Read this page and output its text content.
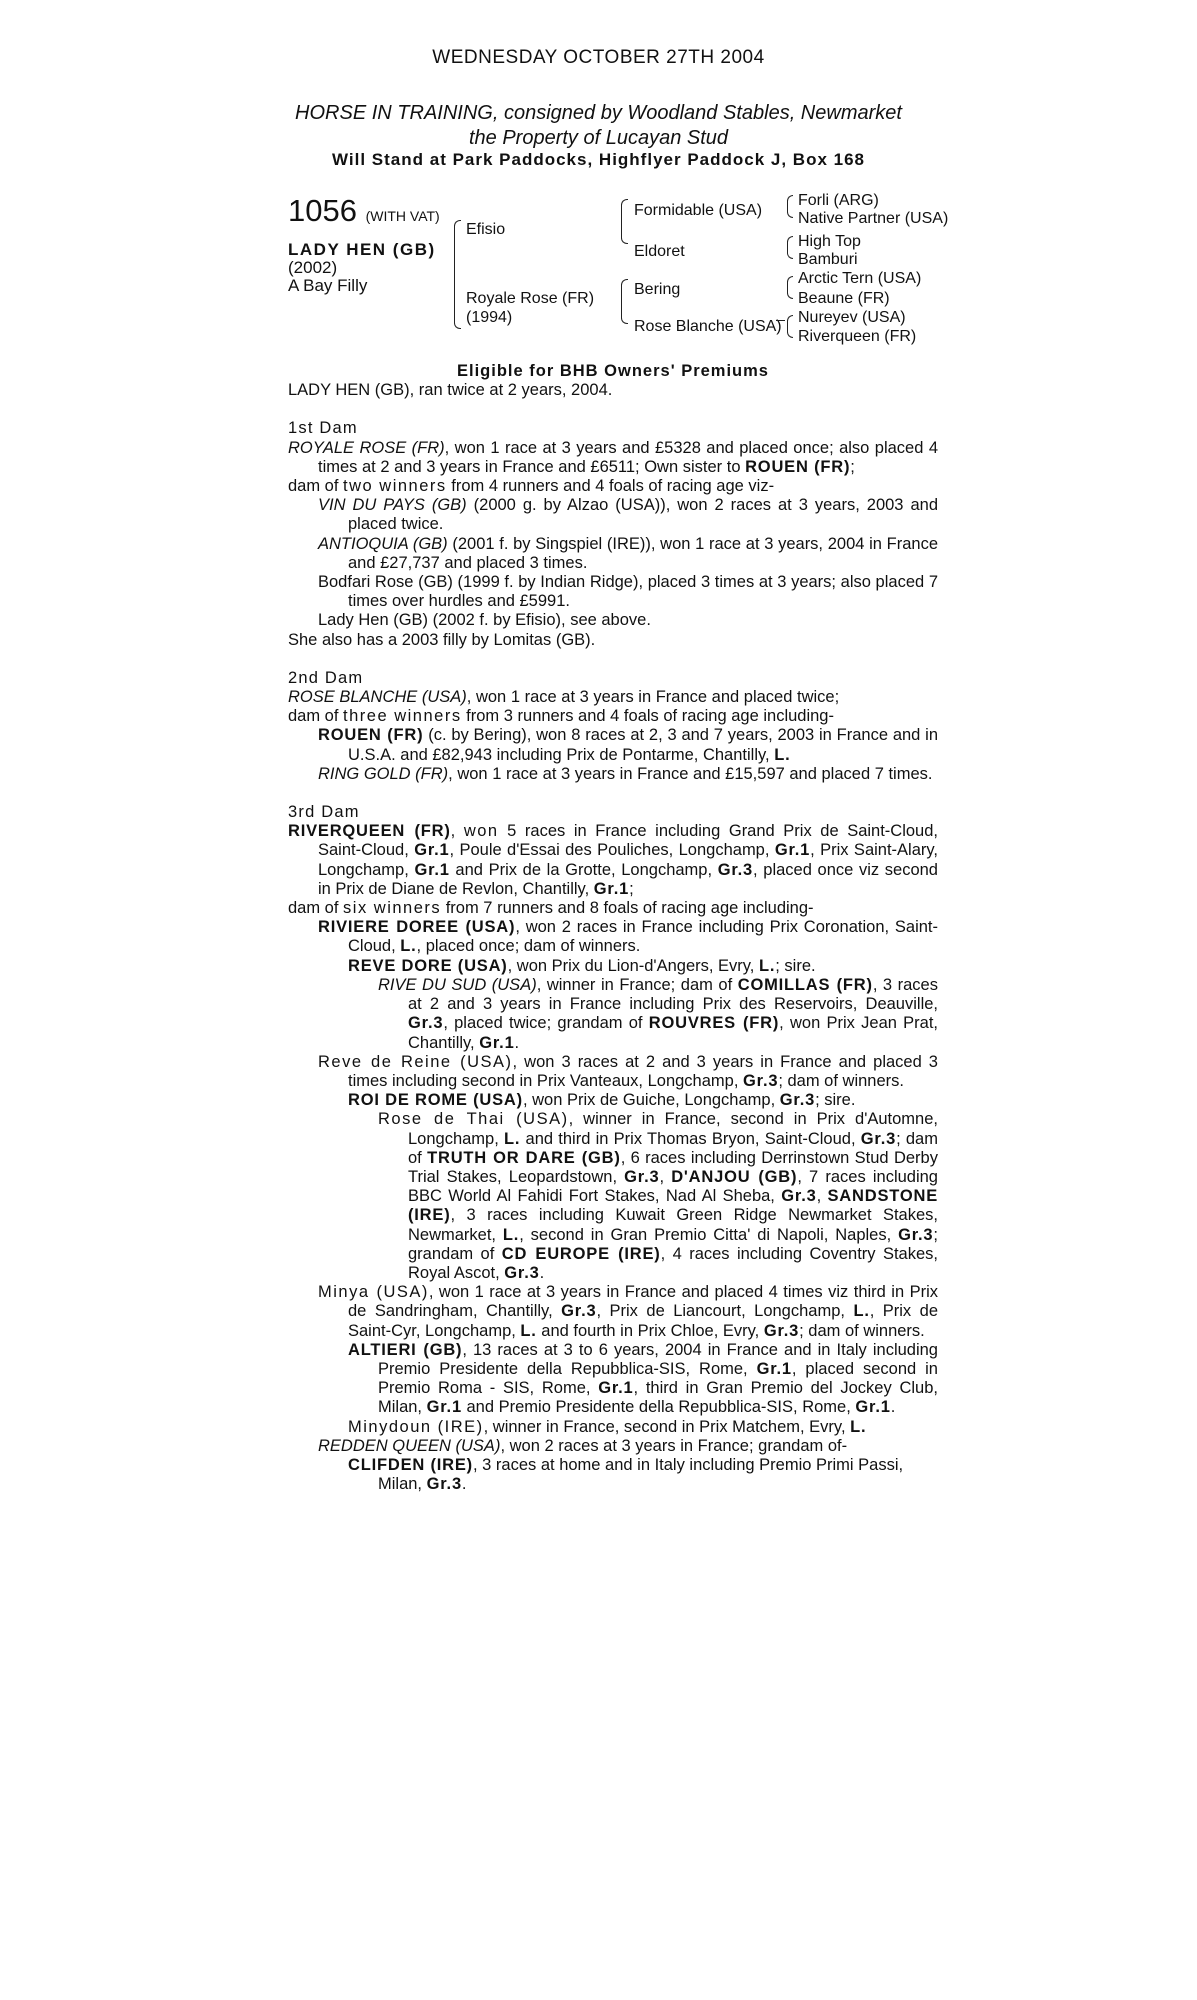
WEDNESDAY OCTOBER 27TH 2004
HORSE IN TRAINING, consigned by Woodland Stables, Newmarket
the Property of Lucayan Stud
Will Stand at Park Paddocks, Highflyer Paddock J, Box 168
1056 (WITH VAT)
LADY HEN (GB)
(2002)
A Bay Filly
Efisio
Royale Rose (FR)
(1994)
Formidable (USA)
Eldoret
Bering
Rose Blanche (USA)
Forli (ARG)
Native Partner (USA)
High Top
Bamburi
Arctic Tern (USA)
Beaune (FR)
Nureyev (USA)
Riverqueen (FR)
Eligible for BHB Owners' Premiums

LADY HEN (GB), ran twice at 2 years, 2004.

1st Dam

ROYALE ROSE (FR), won 1 race at 3 years and £5328 and placed once; also placed 4 times at 2 and 3 years in France and £6511; Own sister to ROUEN (FR);

dam of two winners from 4 runners and 4 foals of racing age viz-

VIN DU PAYS (GB) (2000 g. by Alzao (USA)), won 2 races at 3 years, 2003 and placed twice.

ANTIOQUIA (GB) (2001 f. by Singspiel (IRE)), won 1 race at 3 years, 2004 in France and £27,737 and placed 3 times.

Bodfari Rose (GB) (1999 f. by Indian Ridge), placed 3 times at 3 years; also placed 7 times over hurdles and £5991.

Lady Hen (GB) (2002 f. by Efisio), see above.

She also has a 2003 filly by Lomitas (GB).

2nd Dam

ROSE BLANCHE (USA), won 1 race at 3 years in France and placed twice;

dam of three winners from 3 runners and 4 foals of racing age including-

ROUEN (FR) (c. by Bering), won 8 races at 2, 3 and 7 years, 2003 in France and in U.S.A. and £82,943 including Prix de Pontarme, Chantilly, L.

RING GOLD (FR), won 1 race at 3 years in France and £15,597 and placed 7 times.

3rd Dam

RIVERQUEEN (FR), won 5 races in France including Grand Prix de Saint-Cloud, Saint-Cloud, Gr.1, Poule d'Essai des Pouliches, Longchamp, Gr.1, Prix Saint-Alary, Longchamp, Gr.1 and Prix de la Grotte, Longchamp, Gr.3, placed once viz second in Prix de Diane de Revlon, Chantilly, Gr.1;

dam of six winners from 7 runners and 8 foals of racing age including-

RIVIERE DOREE (USA), won 2 races in France including Prix Coronation, Saint-Cloud, L., placed once; dam of winners.

REVE DORE (USA), won Prix du Lion-d'Angers, Evry, L.; sire.

RIVE DU SUD (USA), winner in France; dam of COMILLAS (FR), 3 races at 2 and 3 years in France including Prix des Reservoirs, Deauville, Gr.3, placed twice; grandam of ROUVRES (FR), won Prix Jean Prat, Chantilly, Gr.1.

Reve de Reine (USA), won 3 races at 2 and 3 years in France and placed 3 times including second in Prix Vanteaux, Longchamp, Gr.3; dam of winners.

ROI DE ROME (USA), won Prix de Guiche, Longchamp, Gr.3; sire.

Rose de Thai (USA), winner in France, second in Prix d'Automne, Longchamp, L. and third in Prix Thomas Bryon, Saint-Cloud, Gr.3; dam of TRUTH OR DARE (GB), 6 races including Derrinstown Stud Derby Trial Stakes, Leopardstown, Gr.3, D'ANJOU (GB), 7 races including BBC World Al Fahidi Fort Stakes, Nad Al Sheba, Gr.3, SANDSTONE (IRE), 3 races including Kuwait Green Ridge Newmarket Stakes, Newmarket, L., second in Gran Premio Citta' di Napoli, Naples, Gr.3; grandam of CD EUROPE (IRE), 4 races including Coventry Stakes, Royal Ascot, Gr.3.

Minya (USA), won 1 race at 3 years in France and placed 4 times viz third in Prix de Sandringham, Chantilly, Gr.3, Prix de Liancourt, Longchamp, L., Prix de Saint-Cyr, Longchamp, L. and fourth in Prix Chloe, Evry, Gr.3; dam of winners.

ALTIERI (GB), 13 races at 3 to 6 years, 2004 in France and in Italy including Premio Presidente della Repubblica-SIS, Rome, Gr.1, placed second in Premio Roma - SIS, Rome, Gr.1, third in Gran Premio del Jockey Club, Milan, Gr.1 and Premio Presidente della Repubblica-SIS, Rome, Gr.1.

Minydoun (IRE), winner in France, second in Prix Matchem, Evry, L.

REDDEN QUEEN (USA), won 2 races at 3 years in France; grandam of-

CLIFDEN (IRE), 3 races at home and in Italy including Premio Primi Passi, Milan, Gr.3.
